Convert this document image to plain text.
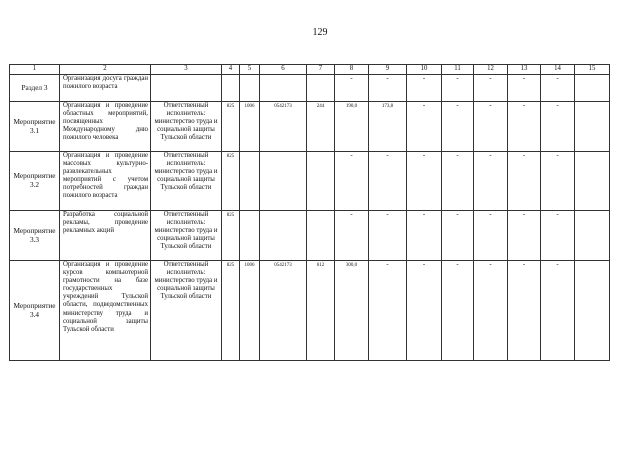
129
1	2	3	4	5	6	7	8	9	10	11	12	13	14	15
Раздел 3	Организация досуга граждан пожилого возраста						-	-	-	-	-	-	-	
Мероприятие 3.1	Организация и проведение областных мероприятий, посвященных Международному дню пожилого человека	Ответственный исполнитель: министерство труда и социальной защиты Тульской области	825	1006	0542173	244	190,0	173,8	-	-	-	-	-	
Мероприятие 3.2	Организация и проведение массовых культурно-развлекательных мероприятий с учетом потребностей граждан пожилого возраста	Ответственный исполнитель: министерство труда и социальной защиты Тульской области	825				-	-	-	-	-	-	-	
Мероприятие 3.3	Разработка социальной рекламы, проведение рекламных акций	Ответственный исполнитель: министерство труда и социальной защиты Тульской области	825				-	-	-	-	-	-	-	
Мероприятие 3.4	Организация и проведение курсов компьютерной грамотности на базе государственных учреждений Тульской области, подведомственных министерству труда и социальной защиты Тульской области	Ответственный исполнитель: министерство труда и социальной защиты Тульской области	825	1006	0542173	612	300,0	-	-	-	-	-	-	
